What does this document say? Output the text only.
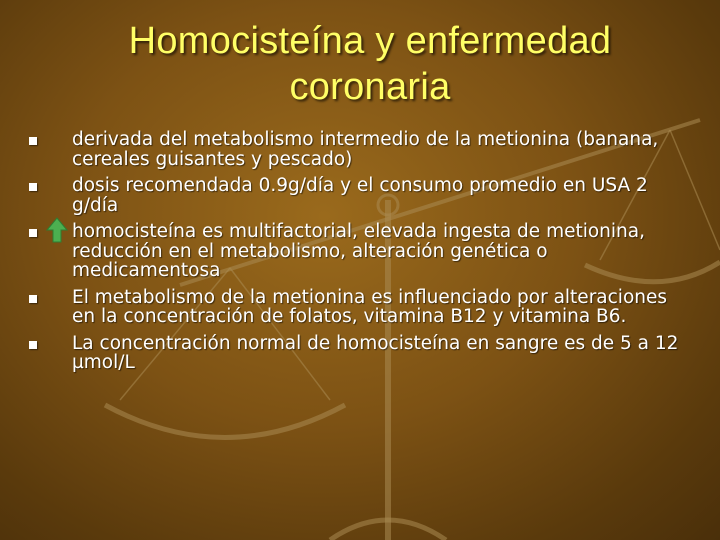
Homocisteína y enfermedad
coronaria
derivada del metabolismo intermedio de la metionina (banana, cereales guisantes y pescado)
dosis recomendada 0.9g/día y el consumo promedio en USA 2 g/día
homocisteína es multifactorial, elevada ingesta de metionina, reducción en el metabolismo, alteración genética o medicamentosa
El metabolismo de la metionina es influenciado por alteraciones en la concentración de folatos, vitamina B12 y vitamina B6.
La concentración normal de homocisteína en sangre es de 5 a 12 µmol/L
